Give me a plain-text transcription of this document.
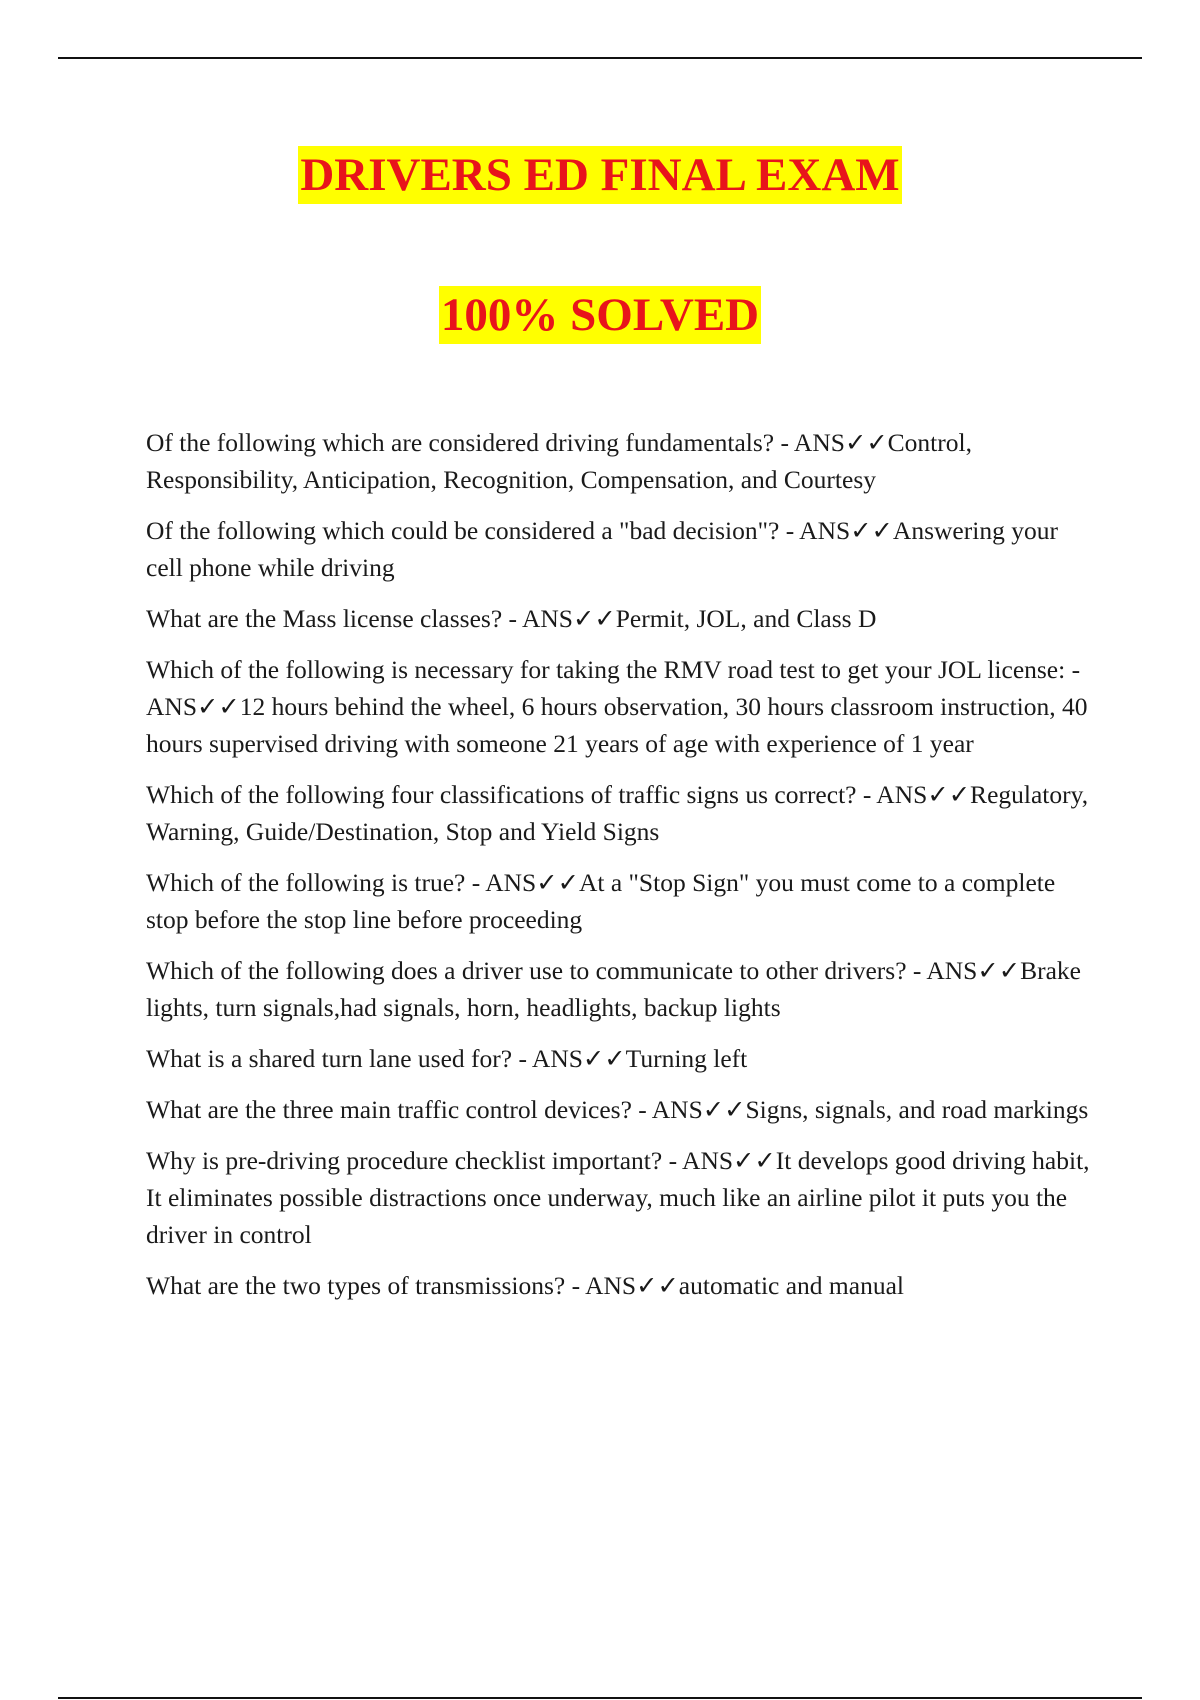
DRIVERS ED FINAL EXAM
100% SOLVED

Of the following which are considered driving fundamentals? - ANS✓✓Control, Responsibility, Anticipation, Recognition, Compensation, and Courtesy

Of the following which could be considered a "bad decision"? - ANS✓✓Answering your cell phone while driving

What are the Mass license classes? - ANS✓✓Permit, JOL, and Class D

Which of the following is necessary for taking the RMV road test to get your JOL license: - ANS✓✓12 hours behind the wheel, 6 hours observation, 30 hours classroom instruction, 40 hours supervised driving with someone 21 years of age with experience of 1 year

Which of the following four classifications of traffic signs us correct? - ANS✓✓Regulatory, Warning, Guide/Destination, Stop and Yield Signs

Which of the following is true? - ANS✓✓At a "Stop Sign" you must come to a complete stop before the stop line before proceeding

Which of the following does a driver use to communicate to other drivers? - ANS✓✓Brake lights, turn signals,had signals, horn, headlights, backup lights

What is a shared turn lane used for? - ANS✓✓Turning left

What are the three main traffic control devices? - ANS✓✓Signs, signals, and road markings

Why is pre-driving procedure checklist important? - ANS✓✓It develops good driving habit, It eliminates possible distractions once underway, much like an airline pilot it puts you the driver in control

What are the two types of transmissions? - ANS✓✓automatic and manual
